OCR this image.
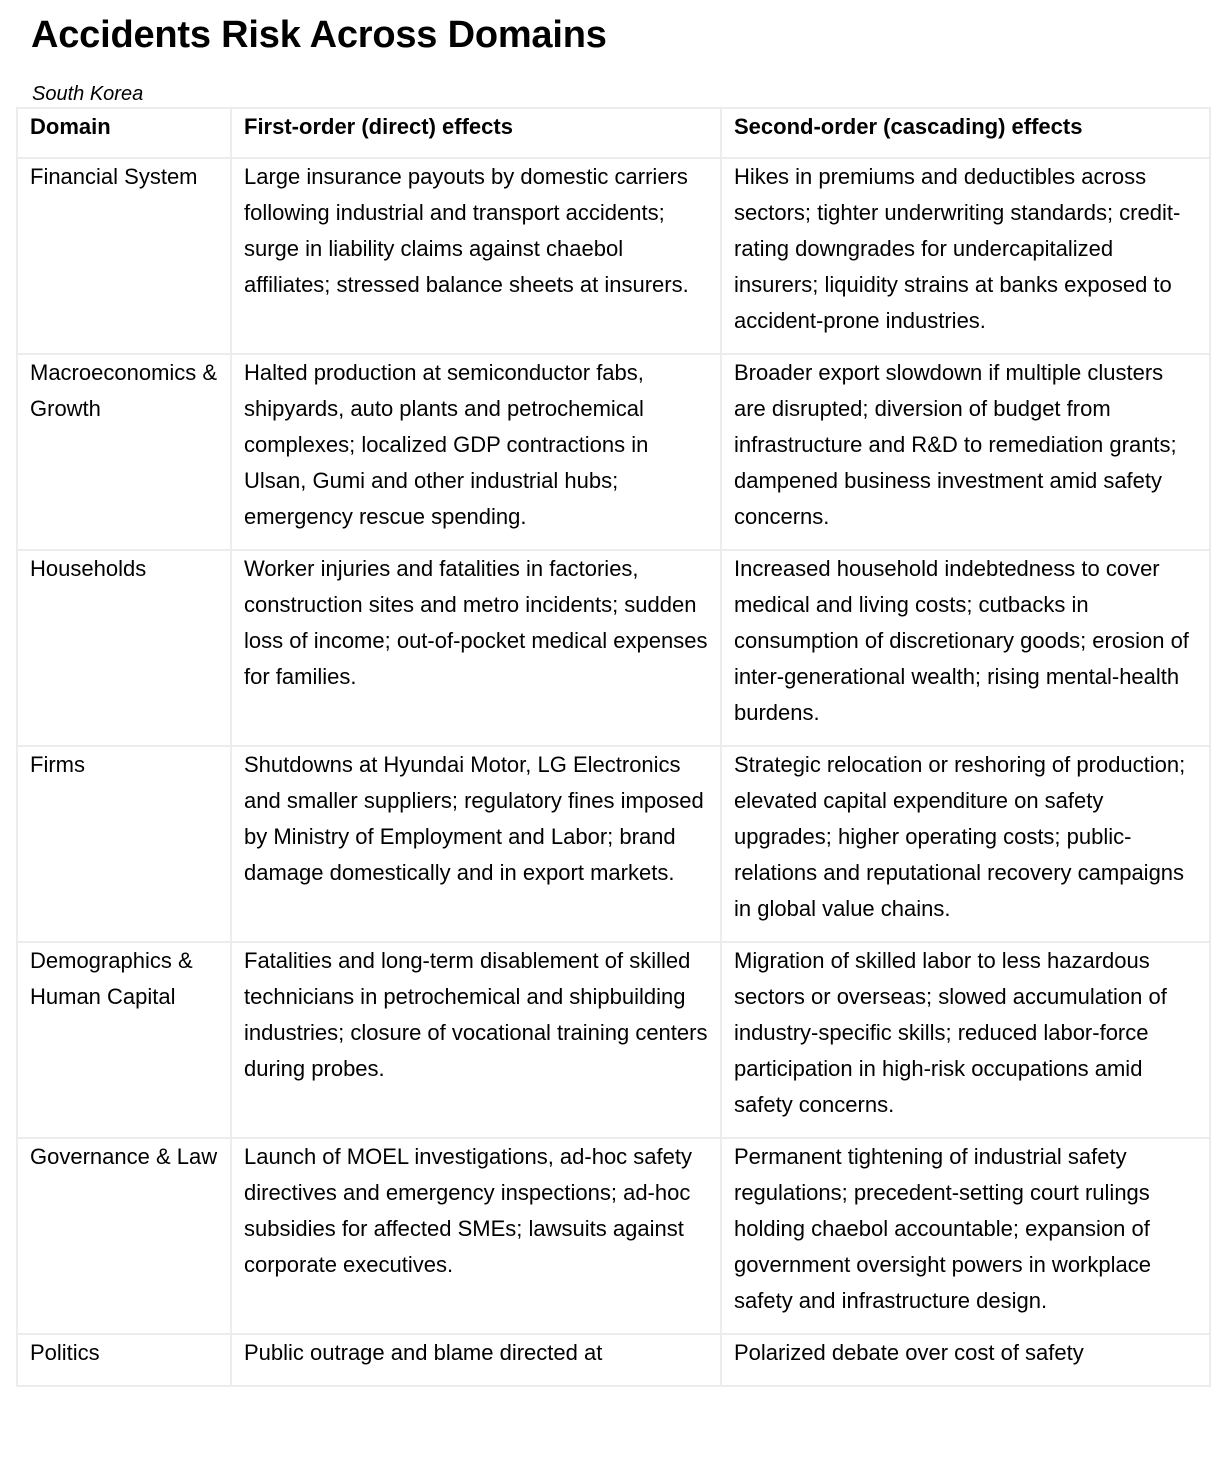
Accidents Risk Across Domains
South Korea
Domain	First-order (direct) effects	Second-order (cascading) effects
Financial System	Large insurance payouts by domestic carriers following industrial and transport accidents; surge in liability claims against chaebol affiliates; stressed balance sheets at insurers.	Hikes in premiums and deductibles across sectors; tighter underwriting standards; credit-rating downgrades for undercapitalized insurers; liquidity strains at banks exposed to accident-prone industries.
Macroeconomics & Growth	Halted production at semiconductor fabs, shipyards, auto plants and petrochemical complexes; localized GDP contractions in Ulsan, Gumi and other industrial hubs; emergency rescue spending.	Broader export slowdown if multiple clusters are disrupted; diversion of budget from infrastructure and R&D to remediation grants; dampened business investment amid safety concerns.
Households	Worker injuries and fatalities in factories, construction sites and metro incidents; sudden loss of income; out-of-pocket medical expenses for families.	Increased household indebtedness to cover medical and living costs; cutbacks in consumption of discretionary goods; erosion of inter-generational wealth; rising mental-health burdens.
Firms	Shutdowns at Hyundai Motor, LG Electronics and smaller suppliers; regulatory fines imposed by Ministry of Employment and Labor; brand damage domestically and in export markets.	Strategic relocation or reshoring of production; elevated capital expenditure on safety upgrades; higher operating costs; public-relations and reputational recovery campaigns in global value chains.
Demographics & Human Capital	Fatalities and long-term disablement of skilled technicians in petrochemical and shipbuilding industries; closure of vocational training centers during probes.	Migration of skilled labor to less hazardous sectors or overseas; slowed accumulation of industry-specific skills; reduced labor-force participation in high-risk occupations amid safety concerns.
Governance & Law	Launch of MOEL investigations, ad-hoc safety directives and emergency inspections; ad-hoc subsidies for affected SMEs; lawsuits against corporate executives.	Permanent tightening of industrial safety regulations; precedent-setting court rulings holding chaebol accountable; expansion of government oversight powers in workplace safety and infrastructure design.
Politics	Public outrage and blame directed at	Polarized debate over cost of safety
